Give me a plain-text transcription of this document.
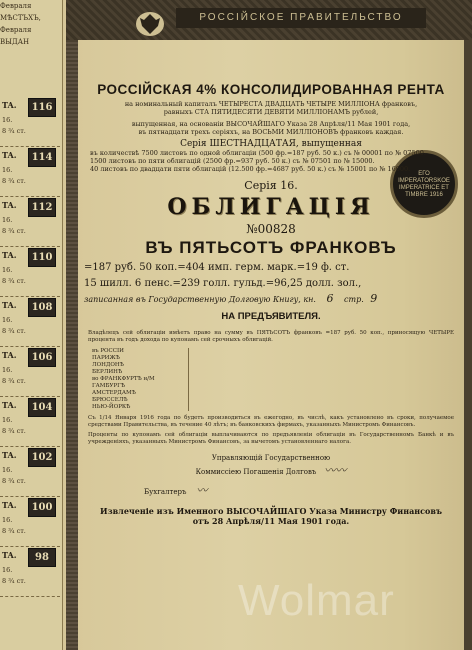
Февраля
МѢСТЪХЪ,
Февраля
ВЫДАН
TA.	116
16.
8 ¾ ст.
TA.	114
16.
8 ¾ ст.
TA.	112
16.
8 ¾ ст.
TA.	110
16.
8 ¾ ст.
TA.	108
16.
8 ¾ ст.
TA.	106
16.
8 ¾ ст.
TA.	104
16.
8 ¾ ст.
TA.	102
16.
8 ¾ ст.
TA.	100
16.
8 ¾ ст.
TA.	98
16.
8 ¾ ст.
РОССІЙСКОЕ ПРАВИТЕЛЬСТВО
ЕГО IMPERATORSKOE IMPERATRICE ET TIMBRE 1916
РОССІЙСКАЯ 4% КОНСОЛИДИРОВАННАЯ РЕНТА
на номинальный капиталъ ЧЕТЫРЕСТА ДВАДЦАТЬ ЧЕТЫРЕ МИЛЛІОНА франковъ,
равныхъ СТА ПЯТИДЕСЯТИ ДЕВЯТИ МИЛЛІОНАМЪ рублей,
выпущенная, на основаніи ВЫСОЧАЙШАГО Указа 28 Апрѣля/11 Мая 1901 года,
въ пятнадцати трехъ серіяхъ, на ВОСЬМИ МИЛЛІОНОВЪ франковъ каждая.
Серія ШЕСТНАДЦАТАЯ, выпущенная
въ количествѣ 7500 листовъ по одной облигаціи (500 фр.=187 руб. 50 к.) съ № 00001 по № 07500.
1500 листовъ по пяти облигацій (2500 фр.=937 руб. 50 к.) съ № 07501 по № 15000.
40 листовъ по двадцати пяти облигацій (12.500 фр.=4687 руб. 50 к.) съ № 15001 по № 16000.
Серія 16.
ОБЛИГАЦІЯ
№00828
ВЪ ПЯТЬСОТЪ ФРАНКОВЪ
=187 руб. 50 коп.=404 имп. герм. марк.=19 ф. ст.
15 шилл. 6 пенс.=239 голл. гульд.=96,25 долл. зол.,
записанная въ Государственную Долговую Книгу, кн. 6 стр. 9
НА ПРЕДЪЯВИТЕЛЯ.
Владѣлецъ сей облигаціи имѣетъ право на сумму въ ПЯТЬСОТЪ франковъ =187 руб. 50 коп., приносящую ЧЕТЫРЕ процента въ годъ дохода по купонамъ сей срочныхъ облигацій.
въ РОССІИ
ПАРИЖѢ
ЛОНДОНѢ
БЕРЛИНѢ
во ФРАНКФУРТѢ н/М
ГАМБУРГѢ
АМСТЕРДАМѢ
БРЮССЕЛѢ
НЬЮ-ЙОРКѢ
Съ 1/14 Января 1916 года по будетъ производиться въ ежегодно, въ числѣ, какъ установлено въ сроки, получаемое средствами Правительства, въ течение 40 лѣтъ; въ банковскихъ фирмахъ, указанныхъ Министромъ Финансовъ.
Проценты по купонамъ сей облигаціи выплачиваются по предъявленіи облигаціи въ Государственномъ Банкѣ и въ учрежденіяхъ, указанныхъ Министромъ Финансовъ, за вычетомъ установленнаго налога.
Управляющій Государственною
Коммиссіею Погашенія Долговъ 〰〰
Бухгалтеръ 〰
Извлеченіе изъ Именного ВЫСОЧАЙШАГО Указа Министру Финансовъ
отъ 28 Апрѣля/11 Мая 1901 года.
Wolmar
